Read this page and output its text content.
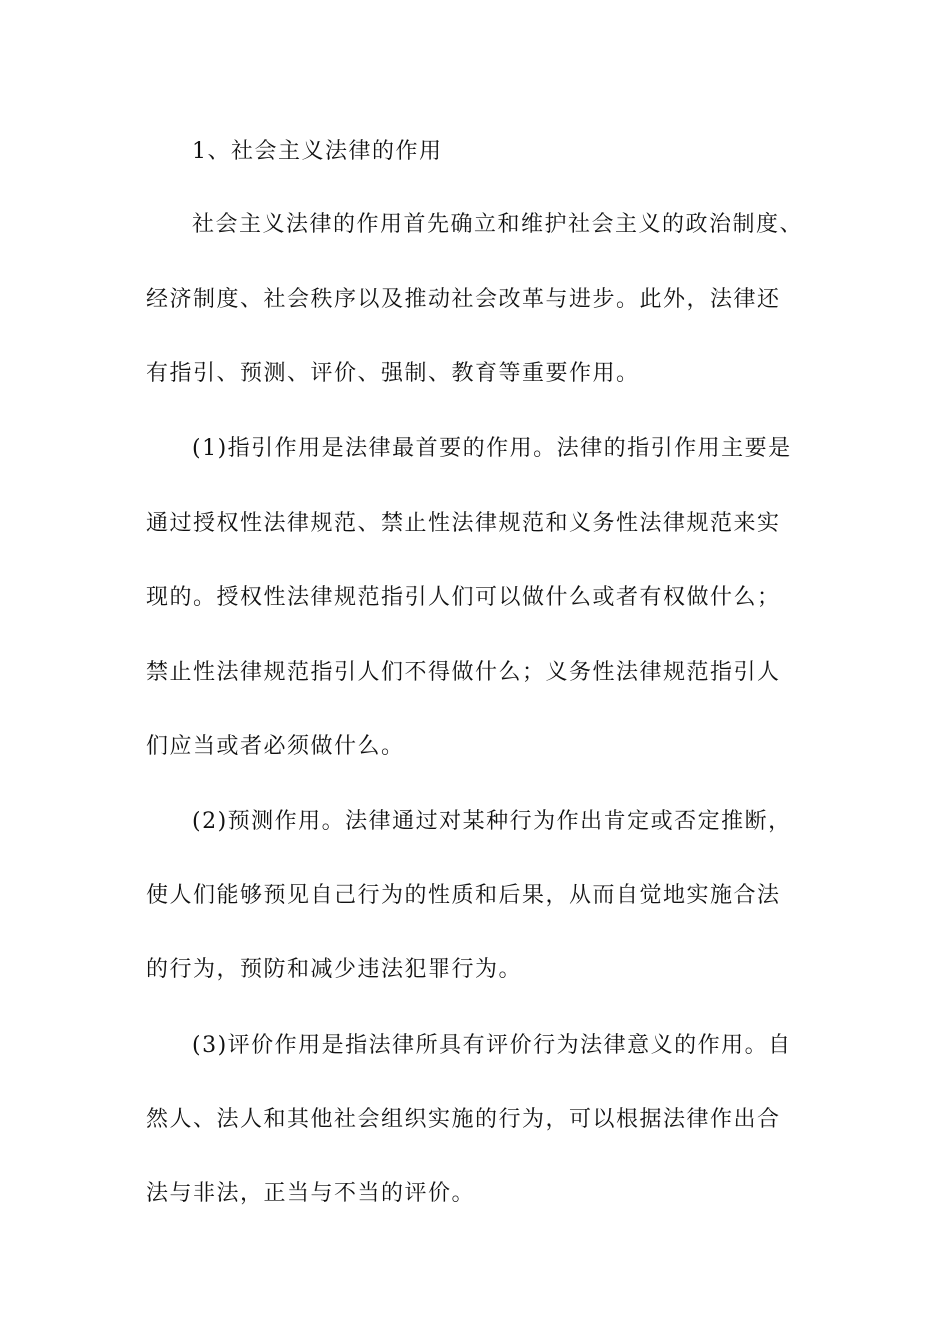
1、社会主义法律的作用
社会主义法律的作用首先确立和维护社会主义的政治制度、
经济制度、社会秩序以及推动社会改革与进步。此外，法律还
有指引、预测、评价、强制、教育等重要作用。
(1)指引作用是法律最首要的作用。法律的指引作用主要是
通过授权性法律规范、禁止性法律规范和义务性法律规范来实
现的。授权性法律规范指引人们可以做什么或者有权做什么；
禁止性法律规范指引人们不得做什么；义务性法律规范指引人
们应当或者必须做什么。
(2)预测作用。法律通过对某种行为作出肯定或否定推断，
使人们能够预见自己行为的性质和后果，从而自觉地实施合法
的行为，预防和减少违法犯罪行为。
(3)评价作用是指法律所具有评价行为法律意义的作用。自
然人、法人和其他社会组织实施的行为，可以根据法律作出合
法与非法，正当与不当的评价。
